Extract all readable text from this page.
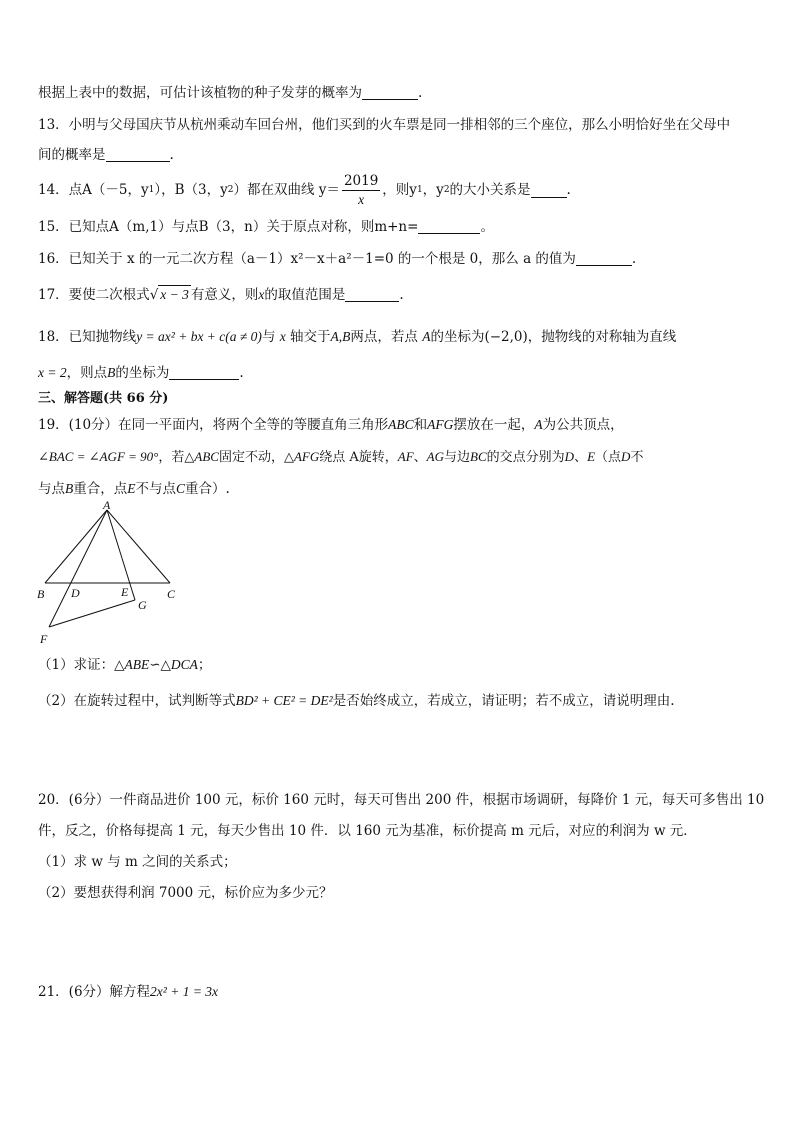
根据上表中的数据，可估计该植物的种子发芽的概率为	.
13．小明与父母国庆节从杭州乘动车回台州，他们买到的火车票是同一排相邻的三个座位，那么小明恰好坐在父母中
间的概率是	.
14．点A（－5，y 1 ），B（3，y 2 ）都在双曲线 $y= \frac{2019}{x}$ ，则y 1 ，y 2 的大小关系是	.
15．已知点A（m,1）与点B（3，n）关于原点对称，则m+n=	。
16．已知关于 x 的一元二次方程（a－1）x²－x＋a²－1=0 的一个根是 0，那么 a 的值为	.
17．要使二次根式√ x − 3 有意义，则x的取值范围是	.
18．已知抛物线y = ax² + bx + c(a ≠ 0)与 x 轴交于A,B两点，若点 A的坐标为(−2,0)，抛物线的对称轴为直线
x = 2，则点B的坐标为	.
三、解答题(共 66 分)
19．(10分）在同一平面内，将两个全等的等腰直角三角形ABC和AFG摆放在一起，A为公共顶点，
∠BAC = ∠AGF = 90°，若△ABC固定不动，△AFG绕点 A旋转，AF、AG与边BC的交点分别为D、E（点D不
与点B重合，点E不与点C重合）.
A
B D	E
G
C
F
（1）求证：△ABE∽△DCA；
（2）在旋转过程中，试判断等式BD² + CE² = DE²是否始终成立，若成立，请证明；若不成立，请说明理由.
20．(6分）一件商品进价 100 元，标价 160 元时，每天可售出 200 件，根据市场调研，每降价 1 元，每天可多售出 10
件，反之，价格每提高 1 元，每天少售出 10 件．以 160 元为基准，标价提高 m 元后，对应的利润为 w 元．
（1）求 w 与 m 之间的关系式；
（2）要想获得利润 7000 元，标价应为多少元？
21．(6分）解方程2x² + 1 = 3x
